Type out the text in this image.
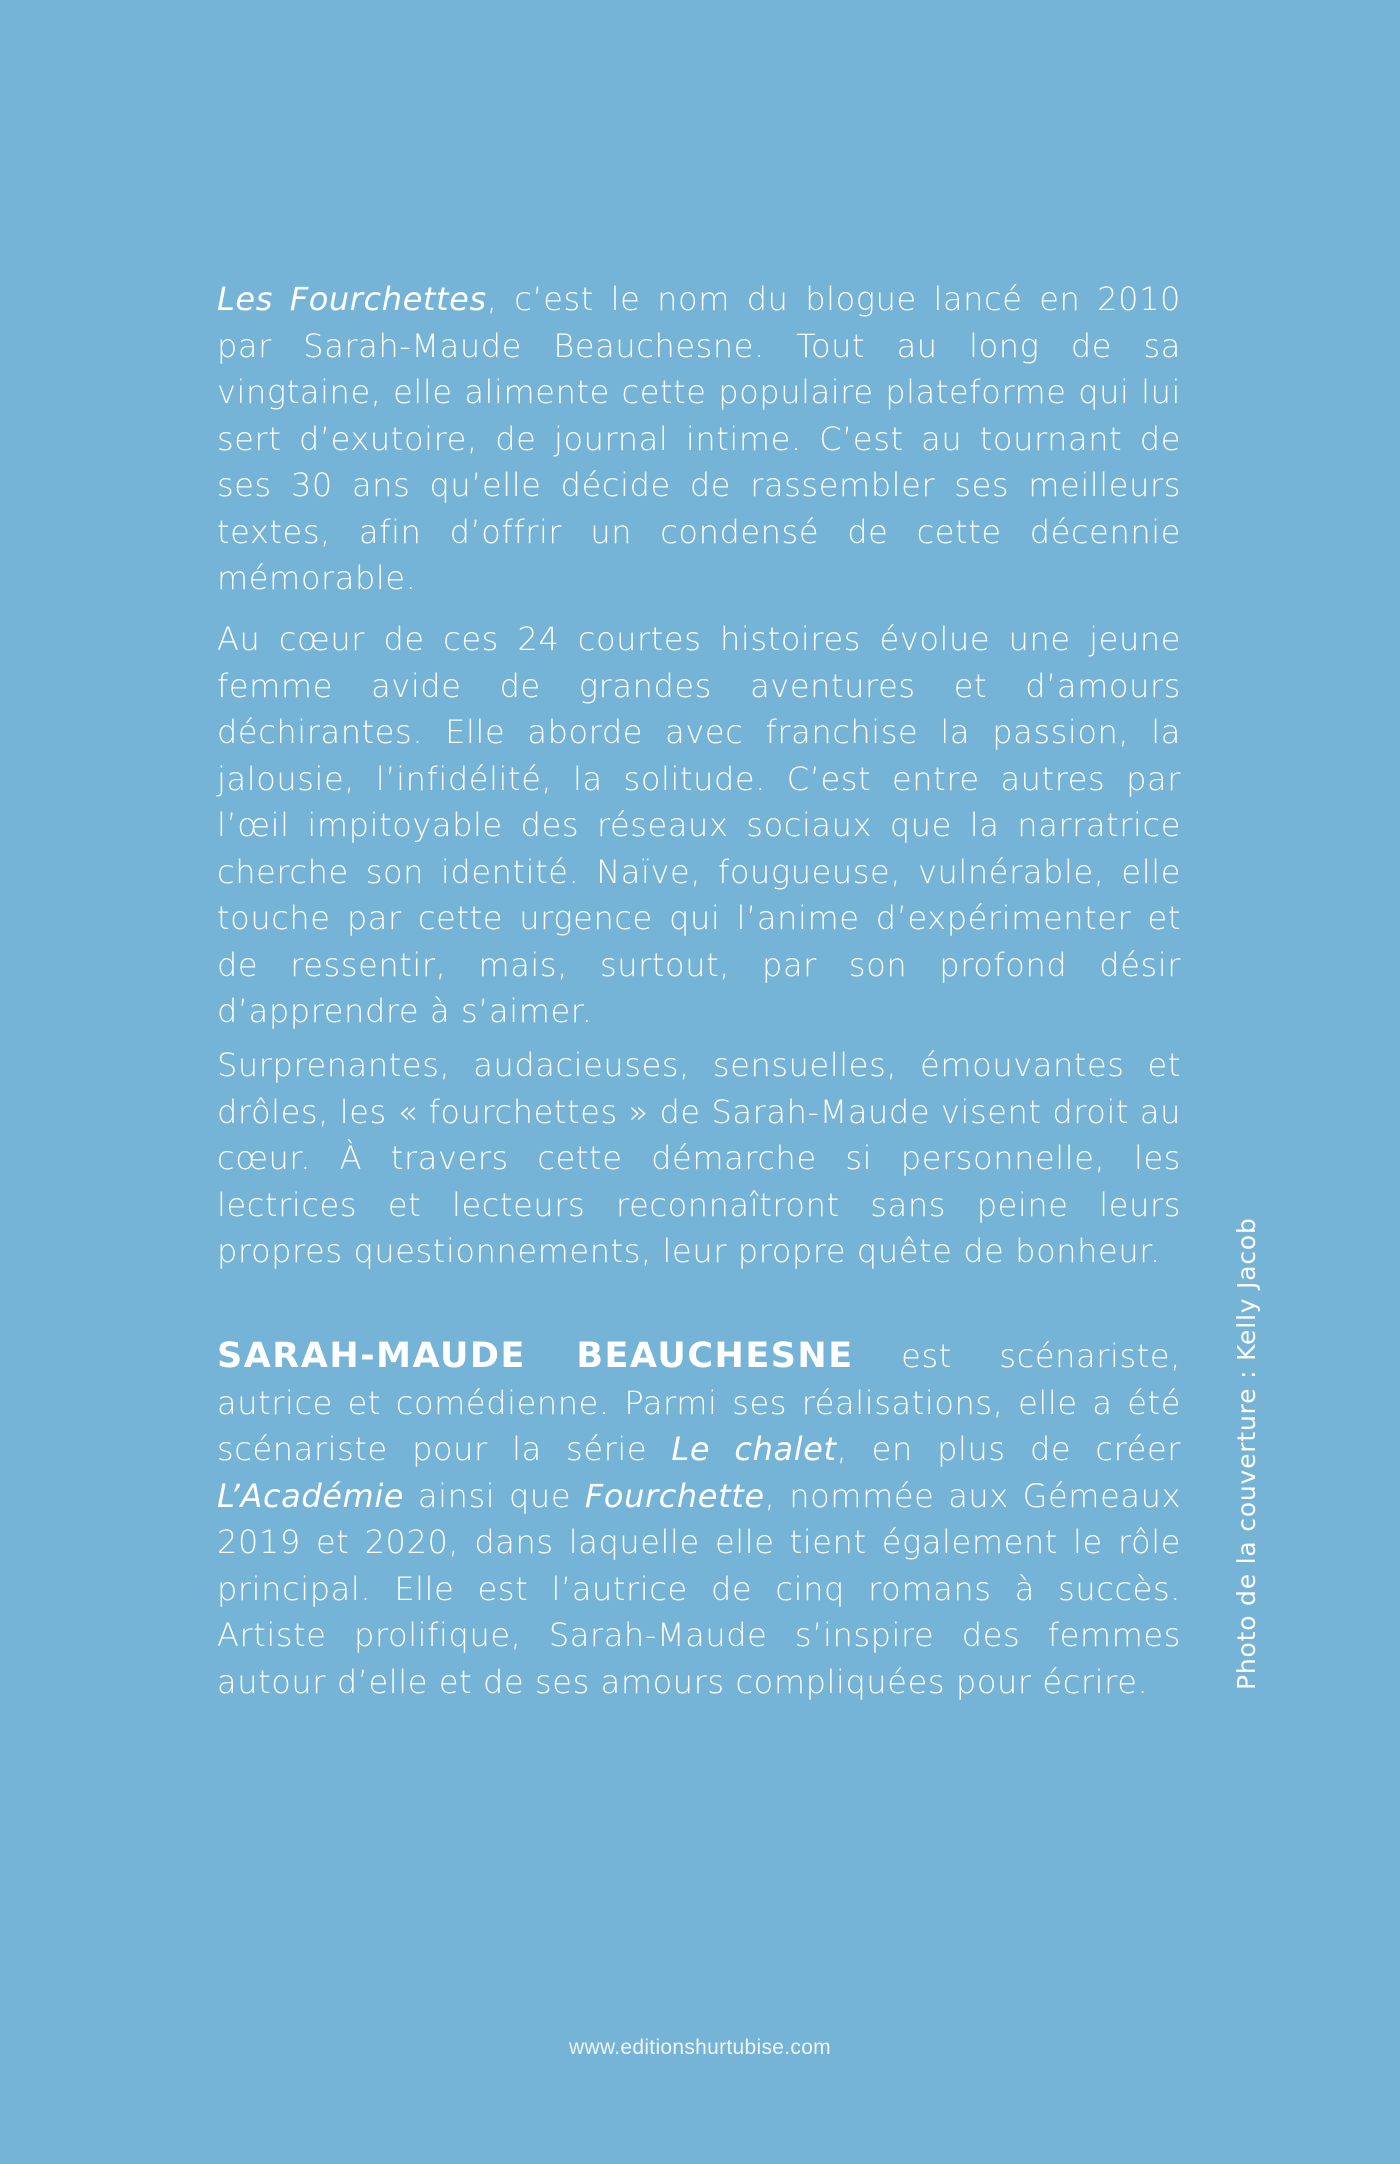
Les Fourchettes, c’est le nom du blogue lancé en 2010 par Sarah-Maude Beauchesne. Tout au long de sa vingtaine, elle alimente cette populaire plateforme qui lui sert d’exutoire, de journal intime. C’est au tournant de ses 30 ans qu’elle décide de rassembler ses meilleurs textes, afin d’offrir un condensé de cette décennie mémorable.

Au cœur de ces 24 courtes histoires évolue une jeune femme avide de grandes aventures et d’amours déchirantes. Elle aborde avec franchise la passion, la jalousie, l’infidélité, la solitude. C’est entre autres par l’œil impitoyable des réseaux sociaux que la narratrice cherche son identité. Naïve, fougueuse, vulnérable, elle touche par cette urgence qui l’anime d’expérimenter et de ressentir, mais, surtout, par son profond désir d’apprendre à s’aimer.

Surprenantes, audacieuses, sensuelles, émouvantes et drôles, les « fourchettes » de Sarah-Maude visent droit au cœur. À travers cette démarche si personnelle, les lectrices et lecteurs reconnaîtront sans peine leurs propres questionnements, leur propre quête de bonheur.

SARAH-MAUDE BEAUCHESNE est scénariste, autrice et comédienne. Parmi ses réalisations, elle a été scénariste pour la série Le chalet, en plus de créer L’Académie ainsi que Fourchette, nommée aux Gémeaux 2019 et 2020, dans laquelle elle tient également le rôle principal. Elle est l’autrice de cinq romans à succès. Artiste prolifique, Sarah-Maude s’inspire des femmes autour d’elle et de ses amours compliquées pour écrire.	Photo de la couverture : Kelly Jacob
www.editionshurtubise.com
